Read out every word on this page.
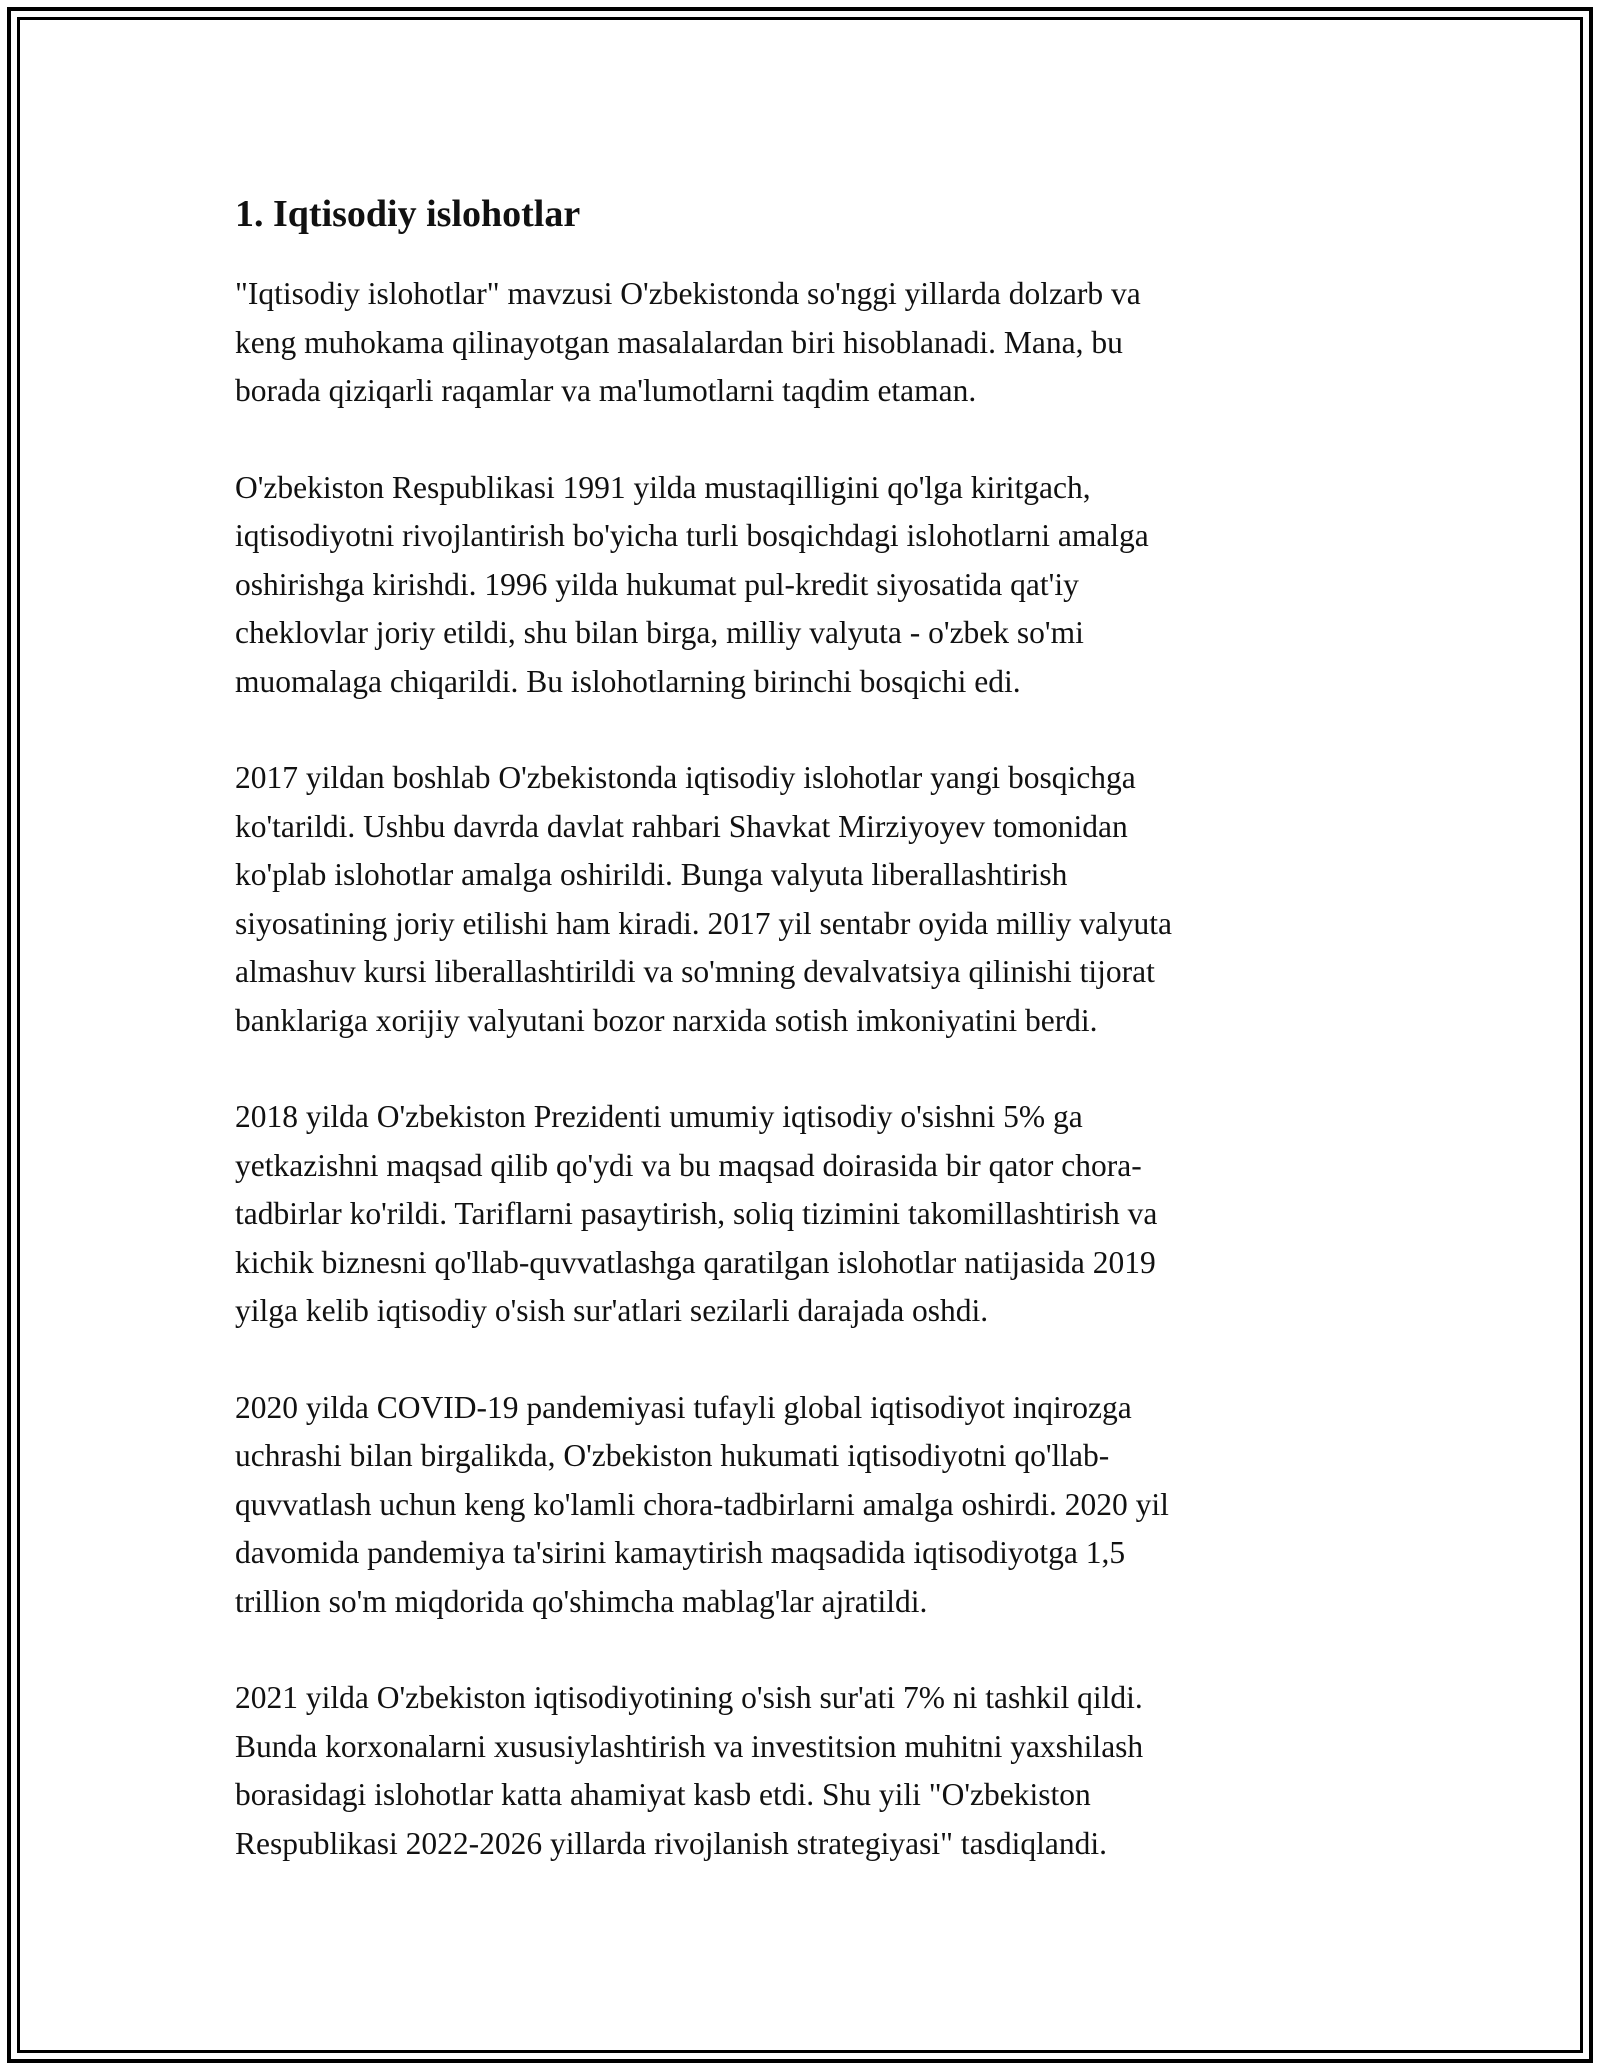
1. Iqtisodiy islohotlar
"Iqtisodiy islohotlar" mavzusi O'zbekistonda so'nggi yillarda dolzarb va
keng muhokama qilinayotgan masalalardan biri hisoblanadi. Mana, bu
borada qiziqarli raqamlar va ma'lumotlarni taqdim etaman.
O'zbekiston Respublikasi 1991 yilda mustaqilligini qo'lga kiritgach,
iqtisodiyotni rivojlantirish bo'yicha turli bosqichdagi islohotlarni amalga
oshirishga kirishdi. 1996 yilda hukumat pul-kredit siyosatida qat'iy
cheklovlar joriy etildi, shu bilan birga, milliy valyuta - o'zbek so'mi
muomalaga chiqarildi. Bu islohotlarning birinchi bosqichi edi.
2017 yildan boshlab O'zbekistonda iqtisodiy islohotlar yangi bosqichga
ko'tarildi. Ushbu davrda davlat rahbari Shavkat Mirziyoyev tomonidan
ko'plab islohotlar amalga oshirildi. Bunga valyuta liberallashtirish
siyosatining joriy etilishi ham kiradi. 2017 yil sentabr oyida milliy valyuta
almashuv kursi liberallashtirildi va so'mning devalvatsiya qilinishi tijorat
banklariga xorijiy valyutani bozor narxida sotish imkoniyatini berdi.
2018 yilda O'zbekiston Prezidenti umumiy iqtisodiy o'sishni 5% ga
yetkazishni maqsad qilib qo'ydi va bu maqsad doirasida bir qator chora-
tadbirlar ko'rildi. Tariflarni pasaytirish, soliq tizimini takomillashtirish va
kichik biznesni qo'llab-quvvatlashga qaratilgan islohotlar natijasida 2019
yilga kelib iqtisodiy o'sish sur'atlari sezilarli darajada oshdi.
2020 yilda COVID-19 pandemiyasi tufayli global iqtisodiyot inqirozga
uchrashi bilan birgalikda, O'zbekiston hukumati iqtisodiyotni qo'llab-
quvvatlash uchun keng ko'lamli chora-tadbirlarni amalga oshirdi. 2020 yil
davomida pandemiya ta'sirini kamaytirish maqsadida iqtisodiyotga 1,5
trillion so'm miqdorida qo'shimcha mablag'lar ajratildi.
2021 yilda O'zbekiston iqtisodiyotining o'sish sur'ati 7% ni tashkil qildi.
Bunda korxonalarni xususiylashtirish va investitsion muhitni yaxshilash
borasidagi islohotlar katta ahamiyat kasb etdi. Shu yili "O'zbekiston
Respublikasi 2022-2026 yillarda rivojlanish strategiyasi" tasdiqlandi.
